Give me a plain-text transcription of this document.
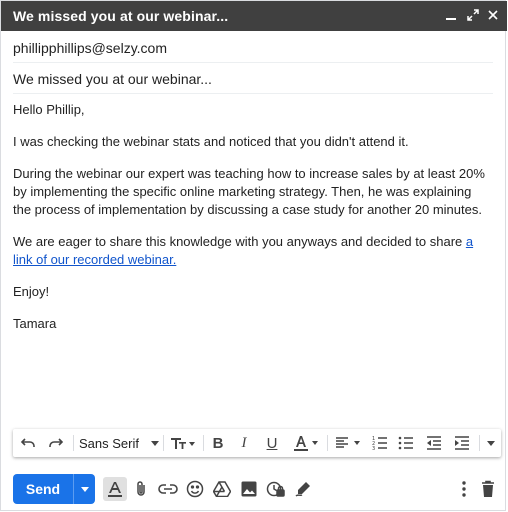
We missed you at our webinar...
phillipphillips@selzy.com
We missed you at our webinar...

Hello Phillip,

I was checking the webinar stats and noticed that you didn't attend it.

During the webinar our expert was teaching how to increase sales by at least 20% by implementing the specific online marketing strategy. Then, he was explaining the process of implementation by discussing a case study for another 20 minutes.

We are eager to share this knowledge with you anyways and decided to share a link of our recorded webinar.

Enjoy!

Tamara

Sans Serif	B	I	U	1
2
3
Send
